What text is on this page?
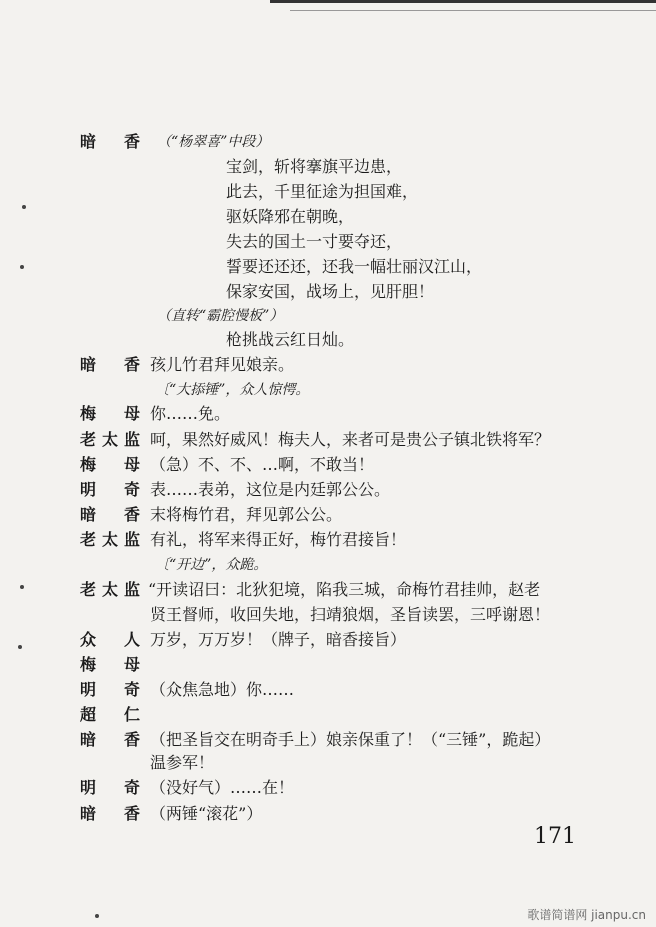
暗 香 （“杨翠喜”中段）
宝剑，斩将搴旗平边患，
此去，千里征途为担国难，
驱妖降邪在朝晚，
失去的国土一寸要夺还，
誓要还还还，还我一幅壮丽汉江山，
保家安国，战场上，见肝胆！
（直转“霸腔慢板”）
枪挑战云红日灿。
暗 香 孩儿竹君拜见娘亲。
〔“大掭锤”，众人惊愕。
梅 母 你……免。
老 太 监 呵，果然好威风！梅夫人，来者可是贵公子镇北铁将军？
梅 母 （急）不、不、…啊，不敢当！
明 奇 表……表弟，这位是内廷郭公公。
暗 香 末将梅竹君，拜见郭公公。
老 太 监 有礼，将军来得正好，梅竹君接旨！
〔“开边”，众跪。
老 太 监 “开读诏曰：北狄犯境，陷我三城，命梅竹君挂帅，赵老
贤王督师，收回失地，扫靖狼烟，圣旨读罢，三呼谢恩！
众 人 万岁，万万岁！（牌子，暗香接旨）
梅 母
明 奇 （众焦急地）你……
超 仁
暗 香 （把圣旨交在明奇手上）娘亲保重了！（“三锤”，跪起）
温参军！
明 奇 （没好气）……在！
暗 香 （两锤“滚花”）
171
歌谱简谱网 jianpu.cn
